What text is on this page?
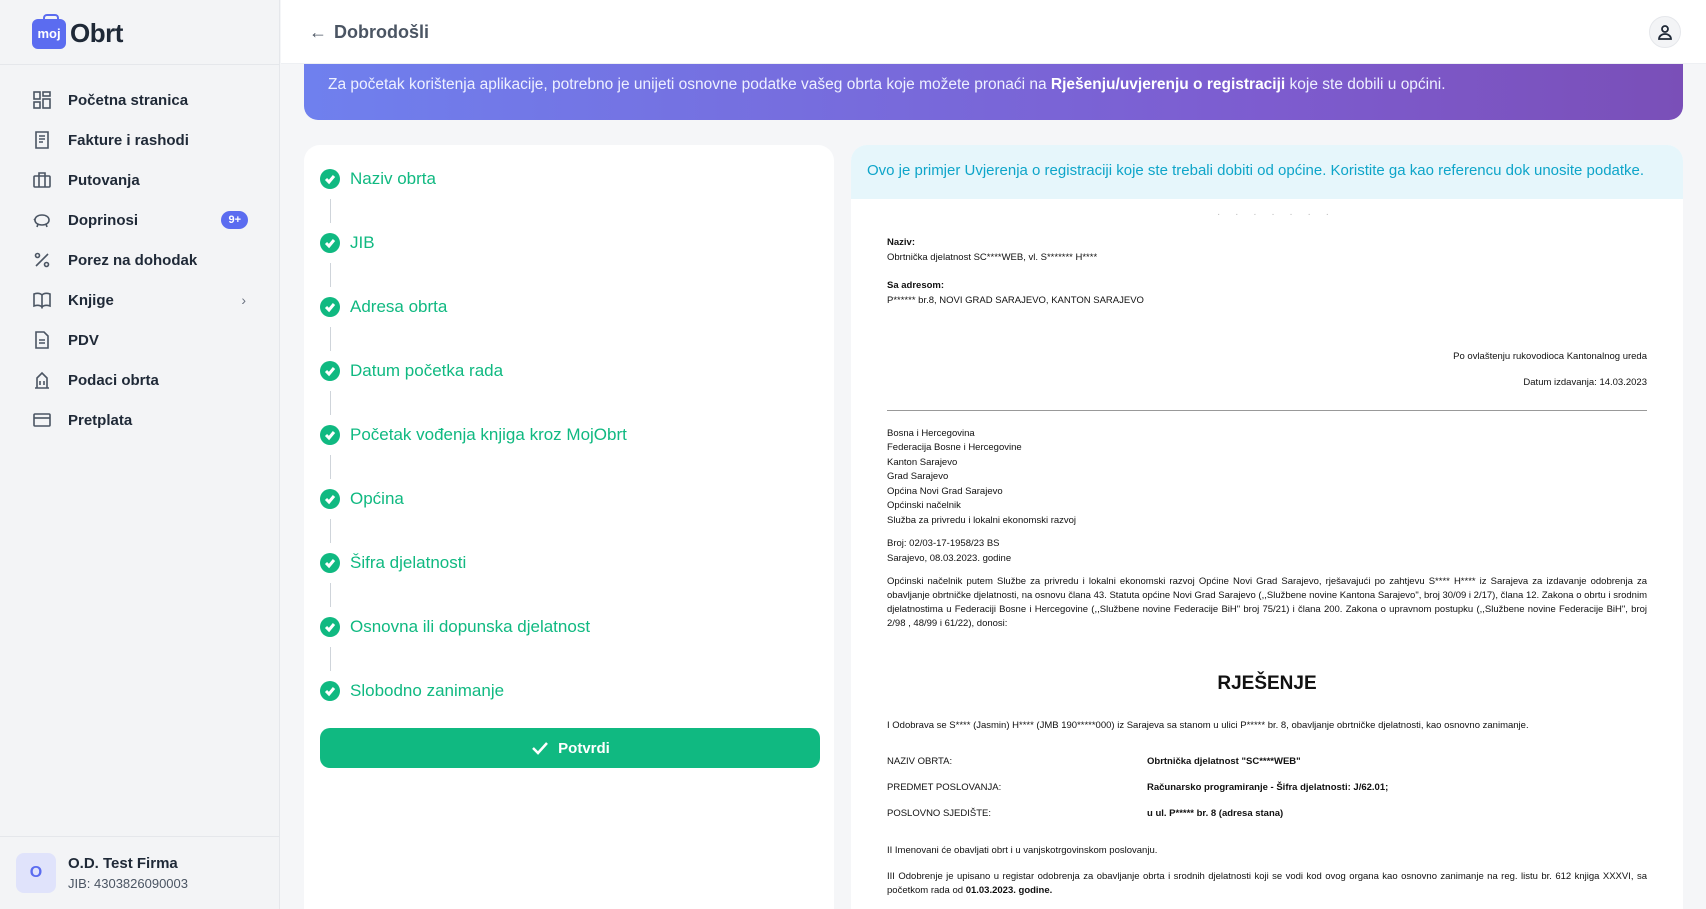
moj Obrt
Početna stranica
Fakture i rashodi
Putovanja
Doprinosi	9+
Porez na dohodak
Knjige	›
PDV
Podaci obrta
Pretplata
O
O.D. Test Firma
JIB: 4303826090003
← Dobrodošli
Za početak korištenja aplikacije, potrebno je unijeti osnovne podatke vašeg obrta koje možete pronaći na Rješenju/uvjerenju o registraciji koje ste dobili u općini.
Naziv obrta
JIB
Adresa obrta
Datum početka rada
Početak vođenja knjiga kroz MojObrt
Općina
Šifra djelatnosti
Osnovna ili dopunska djelatnost
Slobodno zanimanje
Potvrdi
Ovo je primjer Uvjerenja o registraciji koje ste trebali dobiti od općine. Koristite ga kao referencu dok unosite podatke.
· · · · · · ·
Naziv:
Obrtnička djelatnost SC****WEB, vl. S******* H****
Sa adresom:
P****** br.8, NOVI GRAD SARAJEVO, KANTON SARAJEVO
Po ovlaštenju rukovodioca Kantonalnog ureda
Datum izdavanja: 14.03.2023
Bosna i Hercegovina
Federacija Bosne i Hercegovine
Kanton Sarajevo
Grad Sarajevo
Općina Novi Grad Sarajevo
Općinski načelnik
Služba za privredu i lokalni ekonomski razvoj
Broj: 02/03-17-1958/23 BS
Sarajevo, 08.03.2023. godine
Općinski načelnik putem Službe za privredu i lokalni ekonomski razvoj Općine Novi Grad Sarajevo, rješavajući po zahtjevu S**** H**** iz Sarajeva za izdavanje odobrenja za obavljanje obrtničke djelatnosti, na osnovu člana 43. Statuta općine Novi Grad Sarajevo (,,Službene novine Kantona Sarajevo", broj 30/09 i 2/17), člana 12. Zakona o obrtu i srodnim djelatnostima u Federaciji Bosne i Hercegovine (,,Službene novine Federacije BiH" broj 75/21) i člana 200. Zakona o upravnom postupku (,,Službene novine Federacije BiH", broj 2/98 , 48/99 i 61/22), donosi:
RJEŠENJE
I Odobrava se S**** (Jasmin) H**** (JMB 190*****000) iz Sarajeva sa stanom u ulici P***** br. 8, obavljanje obrtničke djelatnosti, kao osnovno zanimanje.
NAZIV OBRTA:	Obrtnička djelatnost "SC****WEB"
PREDMET POSLOVANJA:	Računarsko programiranje - Šifra djelatnosti: J/62.01;
POSLOVNO SJEDIŠTE:	u ul. P***** br. 8 (adresa stana)
II Imenovani će obavljati obrt i u vanjskotrgovinskom poslovanju.
III Odobrenje je upisano u registar odobrenja za obavljanje obrta i srodnih djelatnosti koji se vodi kod ovog organa kao osnovno zanimanje na reg. listu br. 612 knjiga XXXVI, sa početkom rada od 01.03.2023. godine.
